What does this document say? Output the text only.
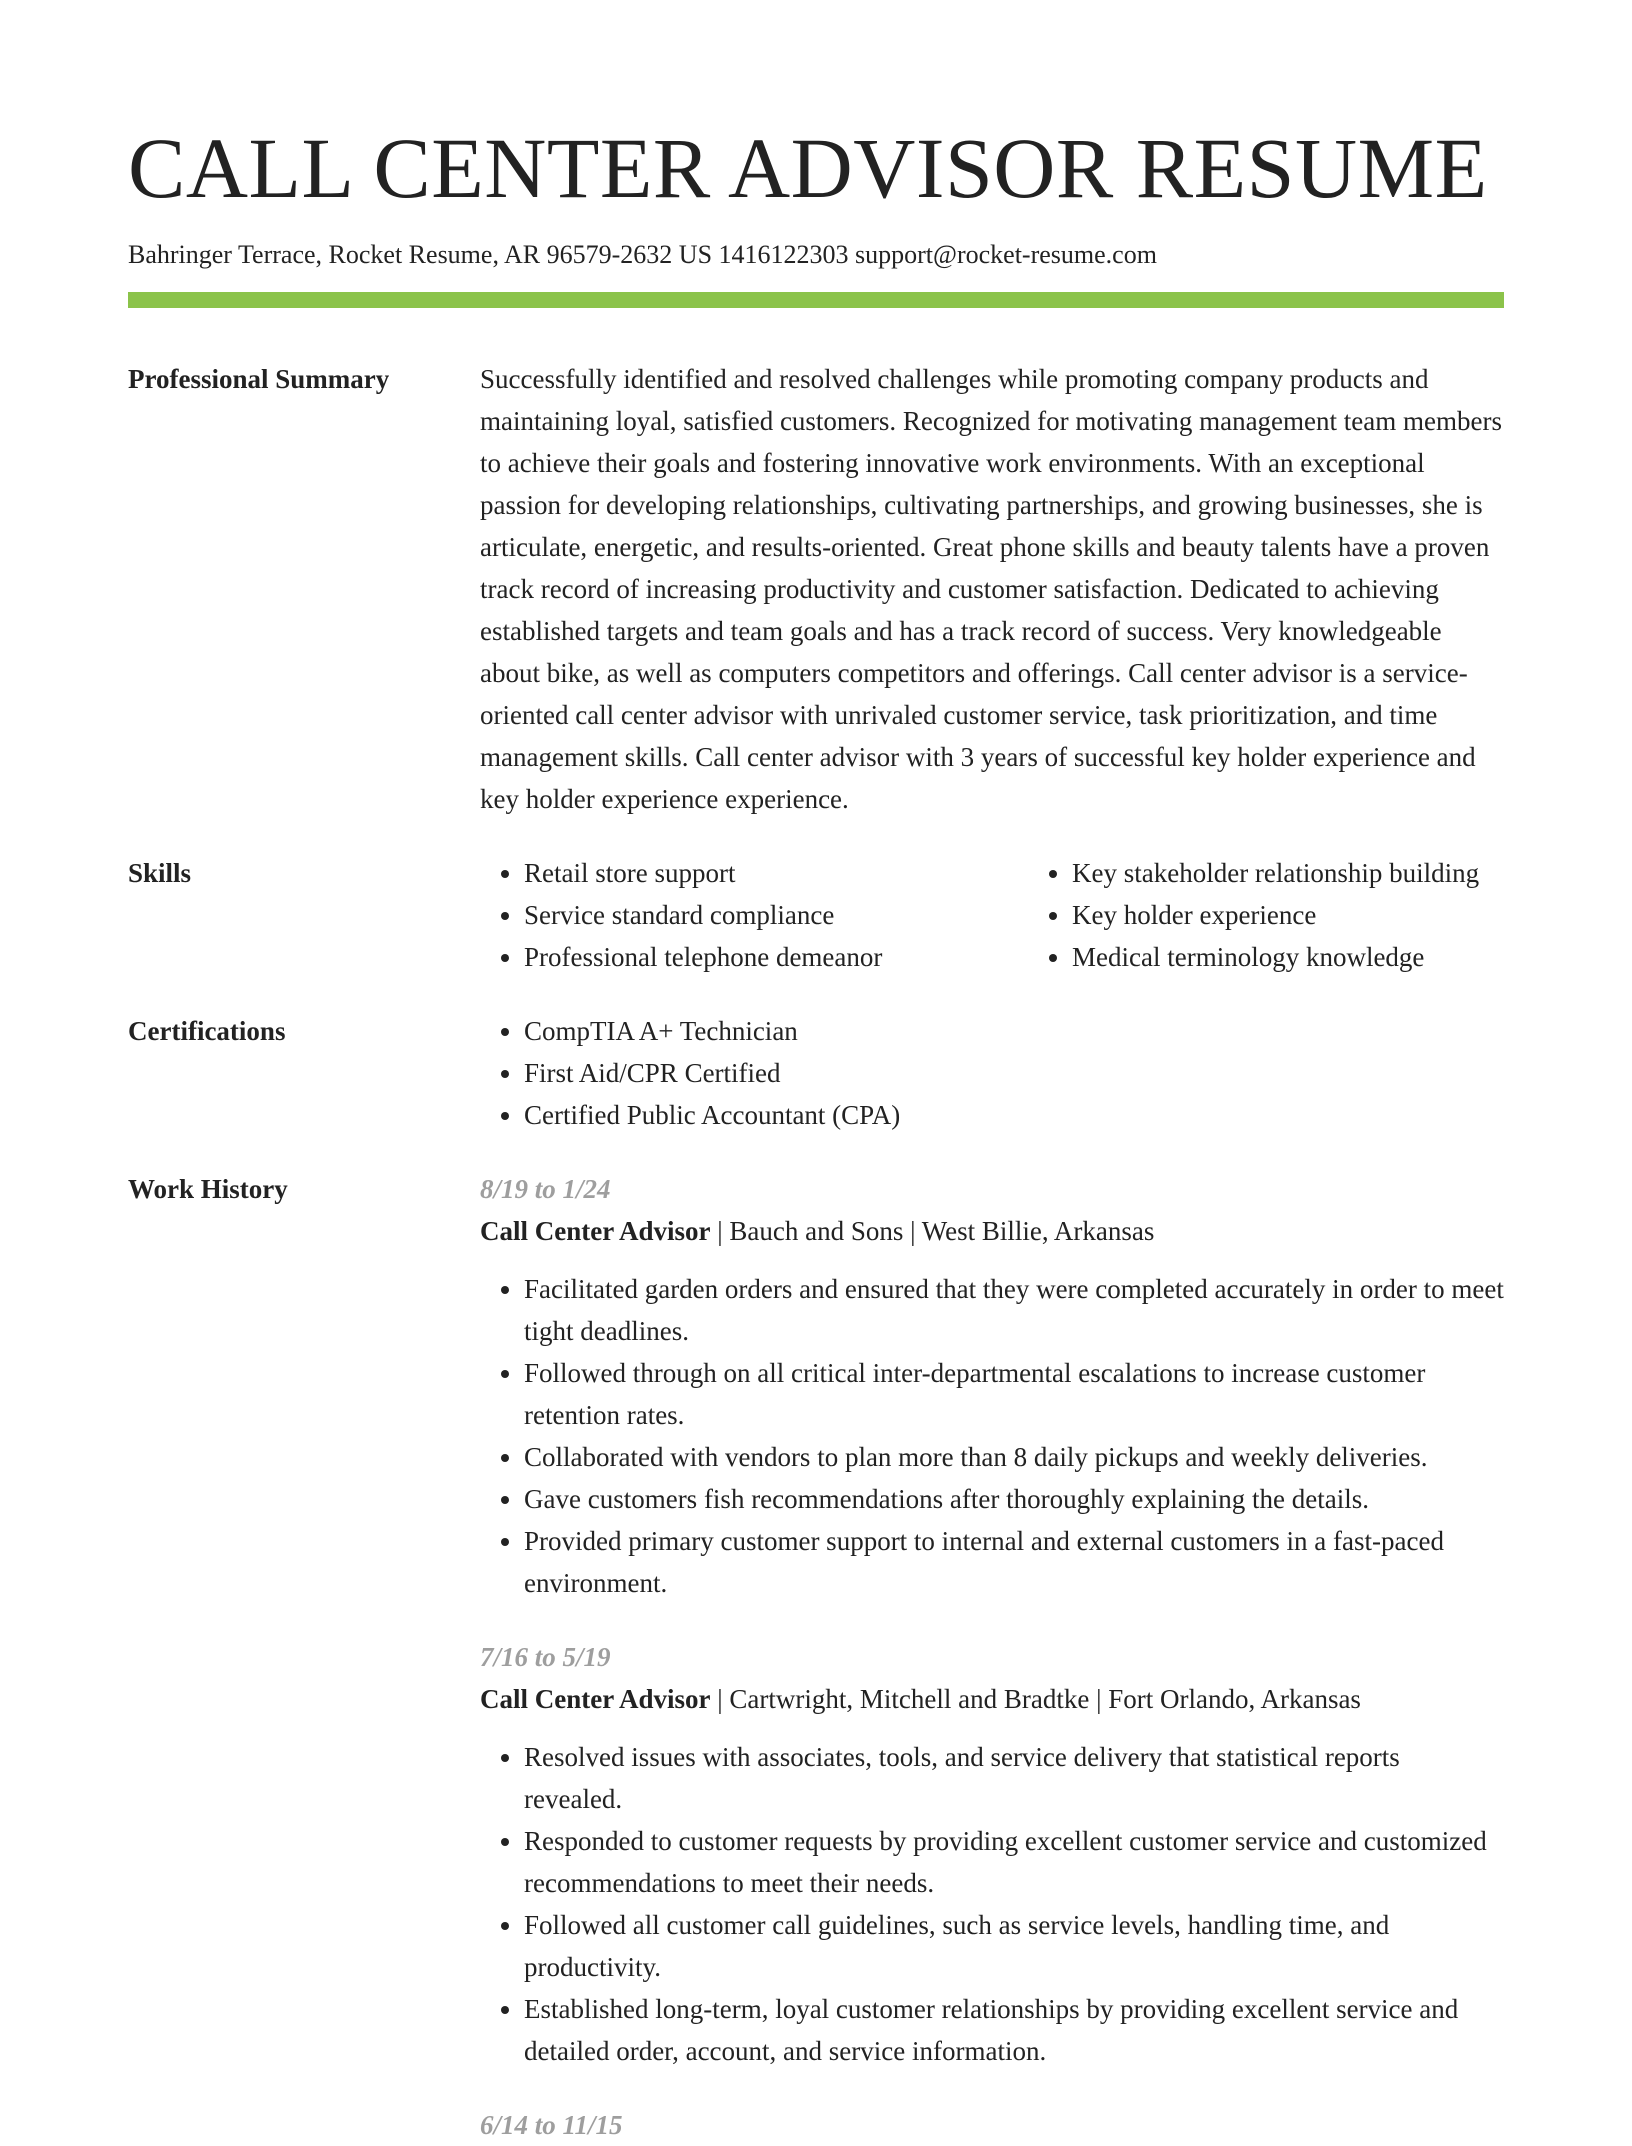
CALL CENTER ADVISOR RESUME
Bahringer Terrace, Rocket Resume, AR 96579-2632 US 1416122303 support@rocket-resume.com
Professional Summary	Successfully identified and resolved challenges while promoting company products and maintaining loyal, satisfied customers. Recognized for motivating management team members to achieve their goals and fostering innovative work environments. With an exceptional passion for developing relationships, cultivating partnerships, and growing businesses, she is articulate, energetic, and results-oriented. Great phone skills and beauty talents have a proven track record of increasing productivity and customer satisfaction. Dedicated to achieving established targets and team goals and has a track record of success. Very knowledgeable about bike, as well as computers competitors and offerings. Call center advisor is a service-oriented call center advisor with unrivaled customer service, task prioritization, and time management skills. Call center advisor with 3 years of successful key holder experience and key holder experience experience.

Skills	• Retail store support
• Service standard compliance
• Professional telephone demeanor
• Key stakeholder relationship building
• Key holder experience
• Medical terminology knowledge
Certifications	• CompTIA A+ Technician
• First Aid/CPR Certified
• Certified Public Accountant (CPA)
Work History	8/19 to 1/24
Call Center Advisor | Bauch and Sons | West Billie, Arkansas
• Facilitated garden orders and ensured that they were completed accurately in order to meet tight deadlines.
• Followed through on all critical inter-departmental escalations to increase customer retention rates.
• Collaborated with vendors to plan more than 8 daily pickups and weekly deliveries.
• Gave customers fish recommendations after thoroughly explaining the details.
• Provided primary customer support to internal and external customers in a fast-paced environment.
7/16 to 5/19
Call Center Advisor | Cartwright, Mitchell and Bradtke | Fort Orlando, Arkansas
• Resolved issues with associates, tools, and service delivery that statistical reports revealed.
• Responded to customer requests by providing excellent customer service and customized recommendations to meet their needs.
• Followed all customer call guidelines, such as service levels, handling time, and productivity.
• Established long-term, loyal customer relationships by providing excellent service and detailed order, account, and service information.
6/14 to 11/15
